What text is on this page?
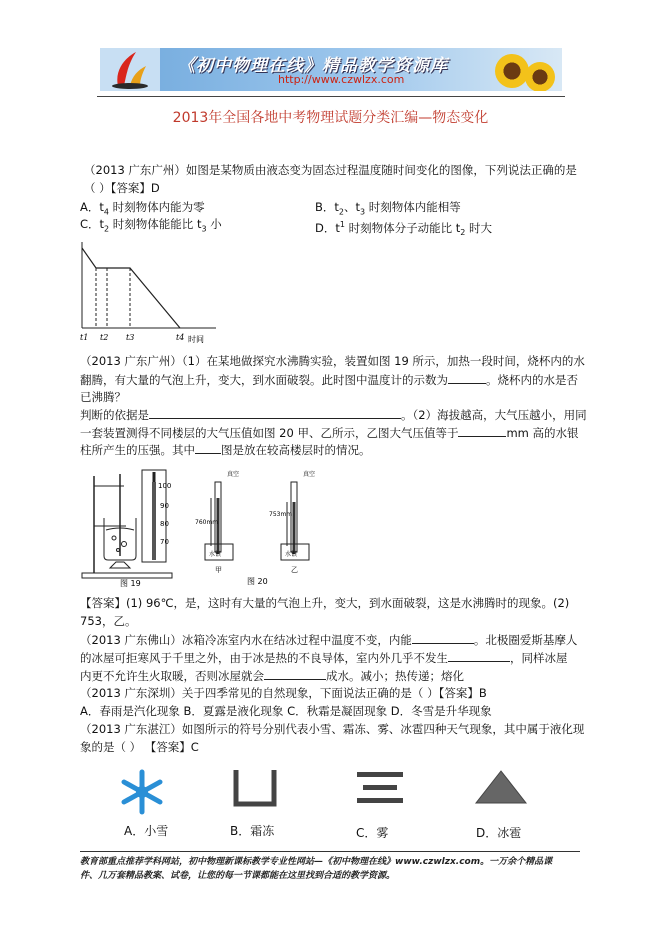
《初中物理在线》精品教学资源库
http://www.czwlzx.com
2013年全国各地中考物理试题分类汇编—物态变化
（2013 广东广州）如图是某物质由液态变为固态过程温度随时间变化的图像，下列说法正确的是
（ ）【答案】D
A．$t_4$ 时刻物体内能为零	B．$t_2$、$t_3$ 时刻物体内能相等
C．$t_2$ 时刻物体能能比 $t_3$ 小	D．$t^1$ 时刻物体分子动能比 $t_2$ 时大
t1 t2 t3	t4 时间
（2013 广东广州）（1）在某地做探究水沸腾实验，装置如图 19 所示，加热一段时间，烧杯内的水
翻腾，有大量的气泡上升，变大，到水面破裂。此时图中温度计的示数为	。烧杯内的水是否
已沸腾？
判断的依据是	。（2）海拔越高，大气压越小，用同
一套装置测得不同楼层的大气压值如图 20 甲、乙所示，乙图大气压值等于	mm 高的水银
柱所产生的压强。其中 图是放在较高楼层时的情况。
100
90
80
70
图 19
真空
760mm
水银
甲
真空
753mm
水银
乙
图 20
【答案】(1) 96℃，是，这时有大量的气泡上升，变大，到水面破裂，这是水沸腾时的现象。(2)
753，乙。
（2013 广东佛山）冰箱冷冻室内水在结冰过程中温度不变，内能	。北极圈爱斯基摩人
的冰屋可拒寒风于千里之外，由于冰是热的不良导体，室内外几乎不发生	，同样冰屋
内更不允许生火取暖，否则冰屋就会	成水。减小；热传递；熔化
（2013 广东深圳）关于四季常见的自然现象，下面说法正确的是（ ）【答案】B
A．春雨是汽化现象 B．夏露是液化现象 C．秋霜是凝固现象 D．冬雪是升华现象
（2013 广东湛江）如图所示的符号分别代表小雪、霜冻、雾、冰雹四种天气现象，其中属于液化现
象的是（ ） 【答案】C
A．小雪	B．霜冻	C．雾	D．冰雹
教育部重点推荐学科网站，初中物理新课标教学专业性网站—《初中物理在线》www.czwlzx.com。一万余个精品课
件、几万套精品教案、试卷，让您的每一节课都能在这里找到合适的教学资源。
